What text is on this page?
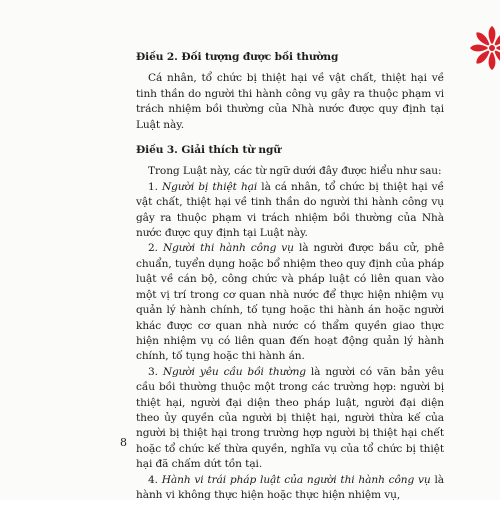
Điều 2. Đối tượng được bồi thường

Cá nhân, tổ chức bị thiệt hại về vật chất, thiệt hại về tinh thần do người thi hành công vụ gây ra thuộc phạm vi trách nhiệm bồi thường của Nhà nước được quy định tại Luật này.

Điều 3. Giải thích từ ngữ

Trong Luật này, các từ ngữ dưới đây được hiểu như sau:

1. Người bị thiệt hại là cá nhân, tổ chức bị thiệt hại về vật chất, thiệt hại về tinh thần do người thi hành công vụ gây ra thuộc phạm vi trách nhiệm bồi thường của Nhà nước được quy định tại Luật này.

2. Người thi hành công vụ là người được bầu cử, phê chuẩn, tuyển dụng hoặc bổ nhiệm theo quy định của pháp luật về cán bộ, công chức và pháp luật có liên quan vào một vị trí trong cơ quan nhà nước để thực hiện nhiệm vụ quản lý hành chính, tố tụng hoặc thi hành án hoặc người khác được cơ quan nhà nước có thẩm quyền giao thực hiện nhiệm vụ có liên quan đến hoạt động quản lý hành chính, tố tụng hoặc thi hành án.

3. Người yêu cầu bồi thường là người có văn bản yêu cầu bồi thường thuộc một trong các trường hợp: người bị thiệt hại, người đại diện theo pháp luật, người đại diện theo ủy quyền của người bị thiệt hại, người thừa kế của người bị thiệt hại trong trường hợp người bị thiệt hại chết hoặc tổ chức kế thừa quyền, nghĩa vụ của tổ chức bị thiệt hại đã chấm dứt tồn tại.

4. Hành vi trái pháp luật của người thi hành công vụ là hành vi không thực hiện hoặc thực hiện nhiệm vụ,

8
